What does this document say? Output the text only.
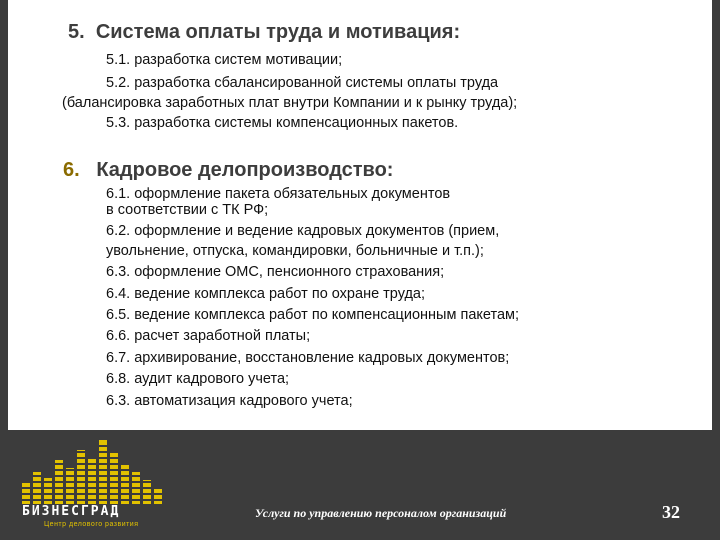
5. Система оплаты труда и мотивация:

5.1. разработка систем мотивации;

5.2. разработка сбалансированной системы оплаты труда

(балансировка заработных плат внутри Компании и к рынку труда);

5.3. разработка системы компенсационных пакетов.

6. Кадровое делопроизводство:

6.1. оформление пакета обязательных документов

в соответствии с ТК РФ;

6.2. оформление и ведение кадровых документов (прием,

увольнение, отпуска, командировки, больничные и т.п.);

6.3. оформление ОМС, пенсионного страхования;

6.4. ведение комплекса работ по охране труда;

6.5. ведение комплекса работ по компенсационным пакетам;

6.6. расчет заработной платы;

6.7. архивирование, восстановление кадровых документов;

6.8. аудит кадрового учета;

6.3. автоматизация кадрового учета;

БИЗНЕСГРАД

Центр делового развития

Услуги по управлению персоналом организаций	32
